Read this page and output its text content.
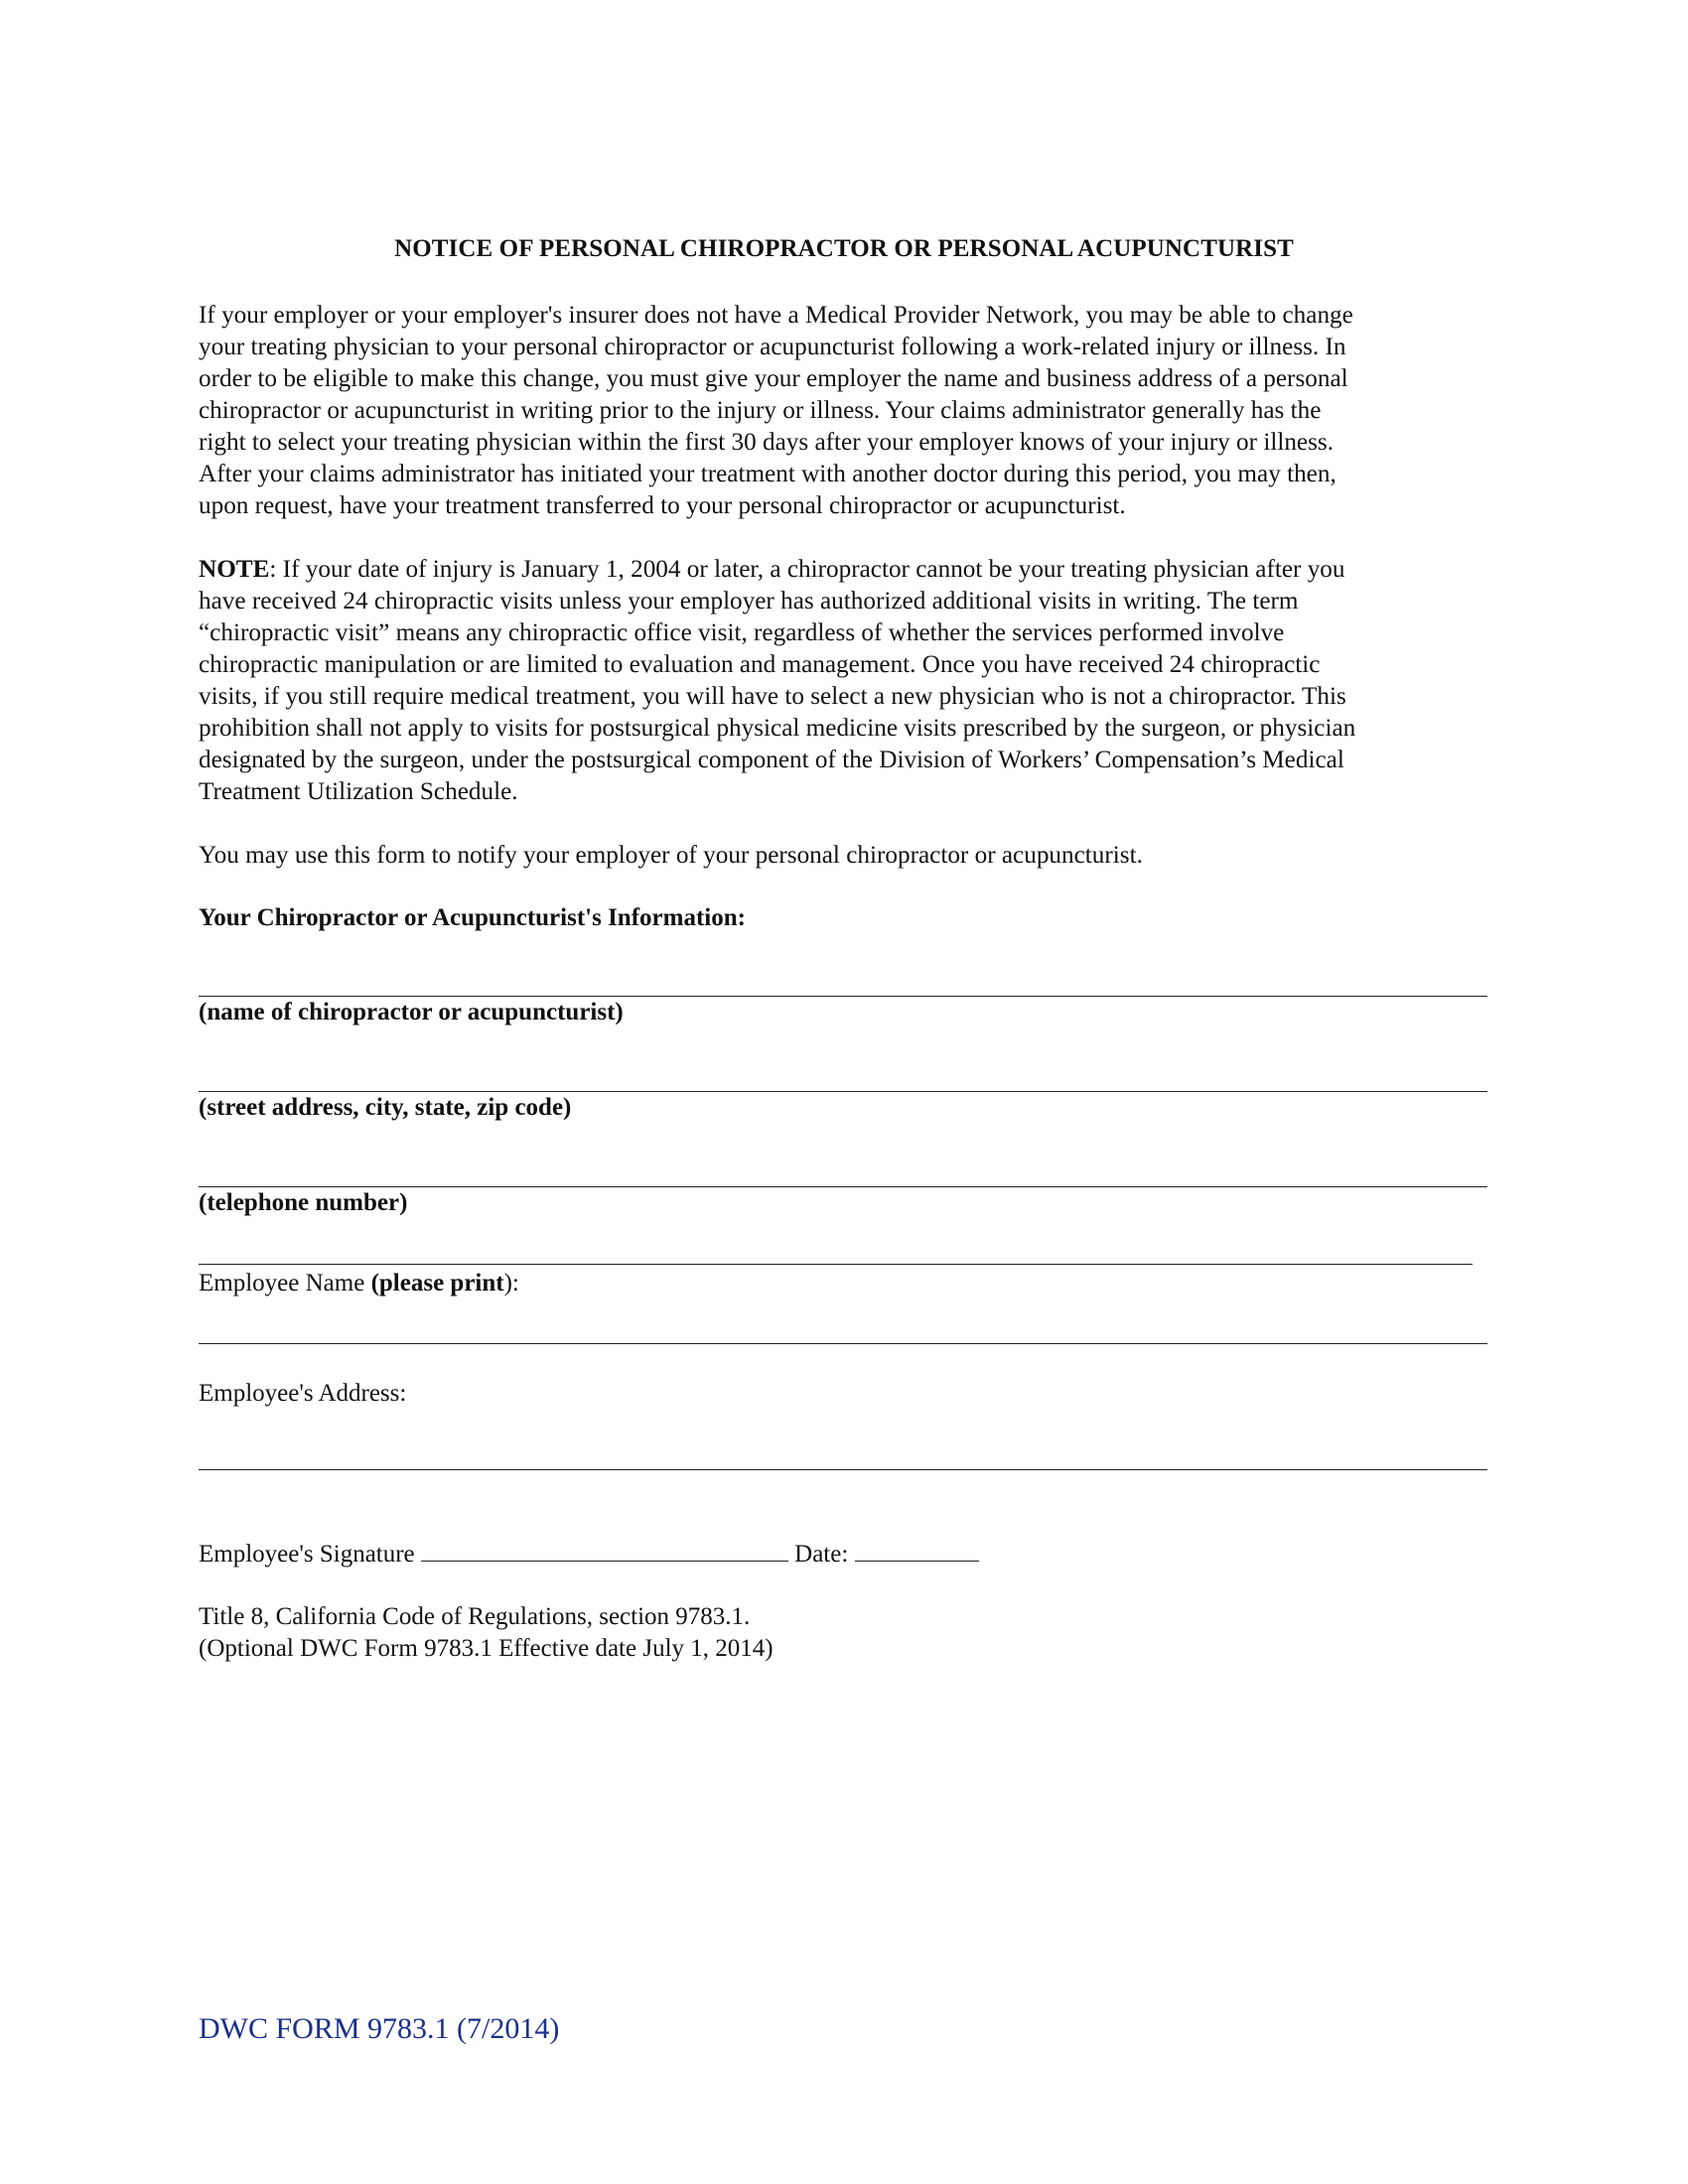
NOTICE OF PERSONAL CHIROPRACTOR OR PERSONAL ACUPUNCTURIST
If your employer or your employer's insurer does not have a Medical Provider Network, you may be able to change
your treating physician to your personal chiropractor or acupuncturist following a work-related injury or illness. In
order to be eligible to make this change, you must give your employer the name and business address of a personal
chiropractor or acupuncturist in writing prior to the injury or illness. Your claims administrator generally has the
right to select your treating physician within the first 30 days after your employer knows of your injury or illness.
After your claims administrator has initiated your treatment with another doctor during this period, you may then,
upon request, have your treatment transferred to your personal chiropractor or acupuncturist.
NOTE: If your date of injury is January 1, 2004 or later, a chiropractor cannot be your treating physician after you
have received 24 chiropractic visits unless your employer has authorized additional visits in writing. The term
“chiropractic visit” means any chiropractic office visit, regardless of whether the services performed involve
chiropractic manipulation or are limited to evaluation and management. Once you have received 24 chiropractic
visits, if you still require medical treatment, you will have to select a new physician who is not a chiropractor. This
prohibition shall not apply to visits for postsurgical physical medicine visits prescribed by the surgeon, or physician
designated by the surgeon, under the postsurgical component of the Division of Workers’ Compensation’s Medical
Treatment Utilization Schedule.
You may use this form to notify your employer of your personal chiropractor or acupuncturist.
Your Chiropractor or Acupuncturist's Information:
(name of chiropractor or acupuncturist)
(street address, city, state, zip code)
(telephone number)
Employee Name (please print):
Employee's Address:
Employee's Signature	Date:
Title 8, California Code of Regulations, section 9783.1.
(Optional DWC Form 9783.1 Effective date July 1, 2014)
DWC FORM 9783.1 (7/2014)
